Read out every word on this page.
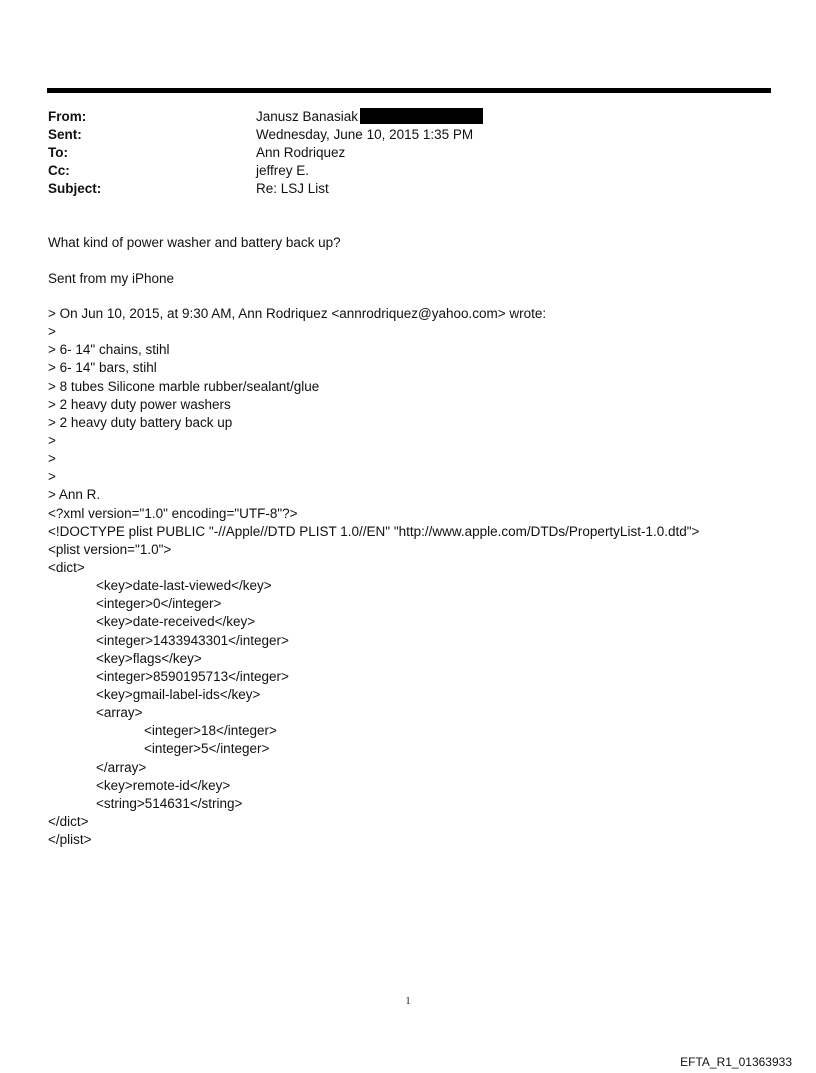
From:	Janusz Banasiak
Sent:	Wednesday, June 10, 2015 1:35 PM
To:	Ann Rodriquez
Cc:	jeffrey E.
Subject:	Re: LSJ List
What kind of power washer and battery back up?
Sent from my iPhone
> On Jun 10, 2015, at 9:30 AM, Ann Rodriquez <annrodriquez@yahoo.com> wrote:
>
> 6- 14" chains, stihl
> 6- 14" bars, stihl
> 8 tubes Silicone marble rubber/sealant/glue
> 2 heavy duty power washers
> 2 heavy duty battery back up
>
>
>
> Ann R.
<?xml version="1.0" encoding="UTF-8"?>
<!DOCTYPE plist PUBLIC "-//Apple//DTD PLIST 1.0//EN" "http://www.apple.com/DTDs/PropertyList-1.0.dtd">
<plist version="1.0">
<dict>
<key>date-last-viewed</key>
<integer>0</integer>
<key>date-received</key>
<integer>1433943301</integer>
<key>flags</key>
<integer>8590195713</integer>
<key>gmail-label-ids</key>
<array>
<integer>18</integer>
<integer>5</integer>
</array>
<key>remote-id</key>
<string>514631</string>
</dict>
</plist>
1
EFTA_R1_01363933
